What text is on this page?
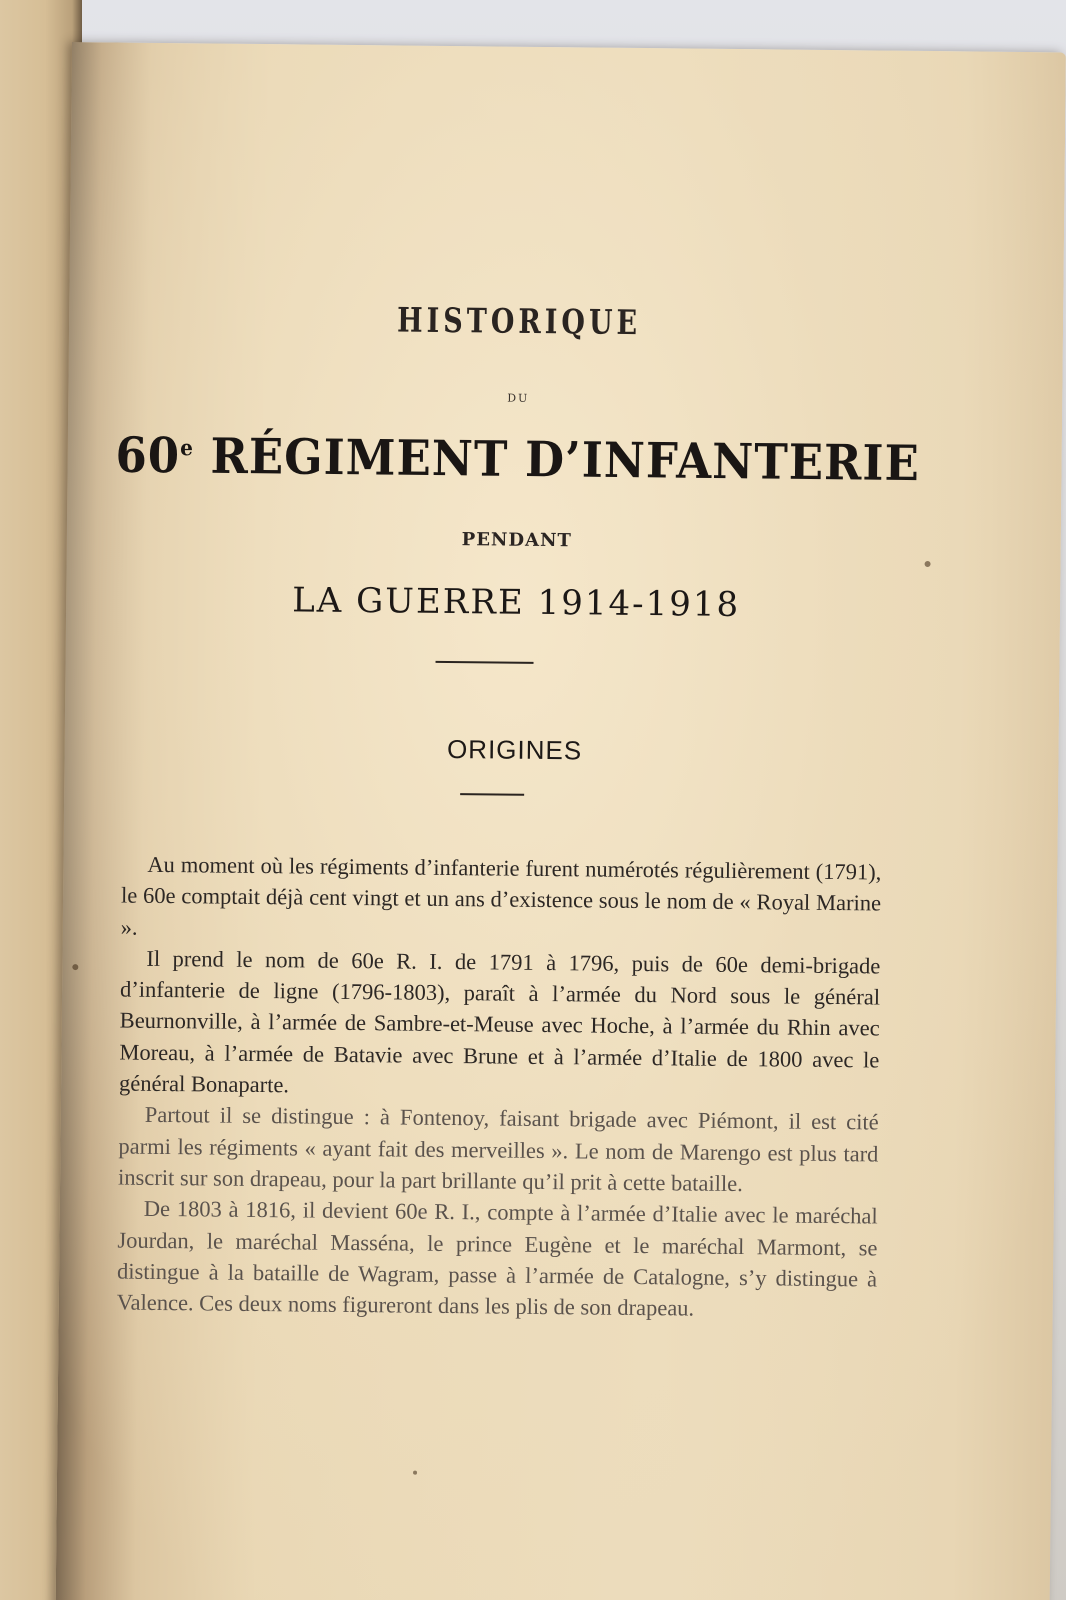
HISTORIQUE
DU
60e RÉGIMENT D’INFANTERIE
PENDANT
LA GUERRE 1914-1918
ORIGINES

Au moment où les régiments d’infanterie furent numérotés régulièrement (1791), le 60e comptait déjà cent vingt et un ans d’existence sous le nom de « Royal Marine ».

Il prend le nom de 60e R. I. de 1791 à 1796, puis de 60e demi-brigade d’infanterie de ligne (1796-1803), paraît à l’armée du Nord sous le général Beurnonville, à l’armée de Sambre-et-Meuse avec Hoche, à l’armée du Rhin avec Moreau, à l’armée de Batavie avec Brune et à l’armée d’Italie de 1800 avec le général Bonaparte.

Partout il se distingue : à Fontenoy, faisant brigade avec Piémont, il est cité parmi les régiments « ayant fait des merveilles ». Le nom de Marengo est plus tard inscrit sur son drapeau, pour la part brillante qu’il prit à cette bataille.

De 1803 à 1816, il devient 60e R. I., compte à l’armée d’Italie avec le maréchal Jourdan, le maréchal Masséna, le prince Eugène et le maréchal Marmont, se distingue à la bataille de Wagram, passe à l’armée de Catalogne, s’y distingue à Valence. Ces deux noms figureront dans les plis de son drapeau.
